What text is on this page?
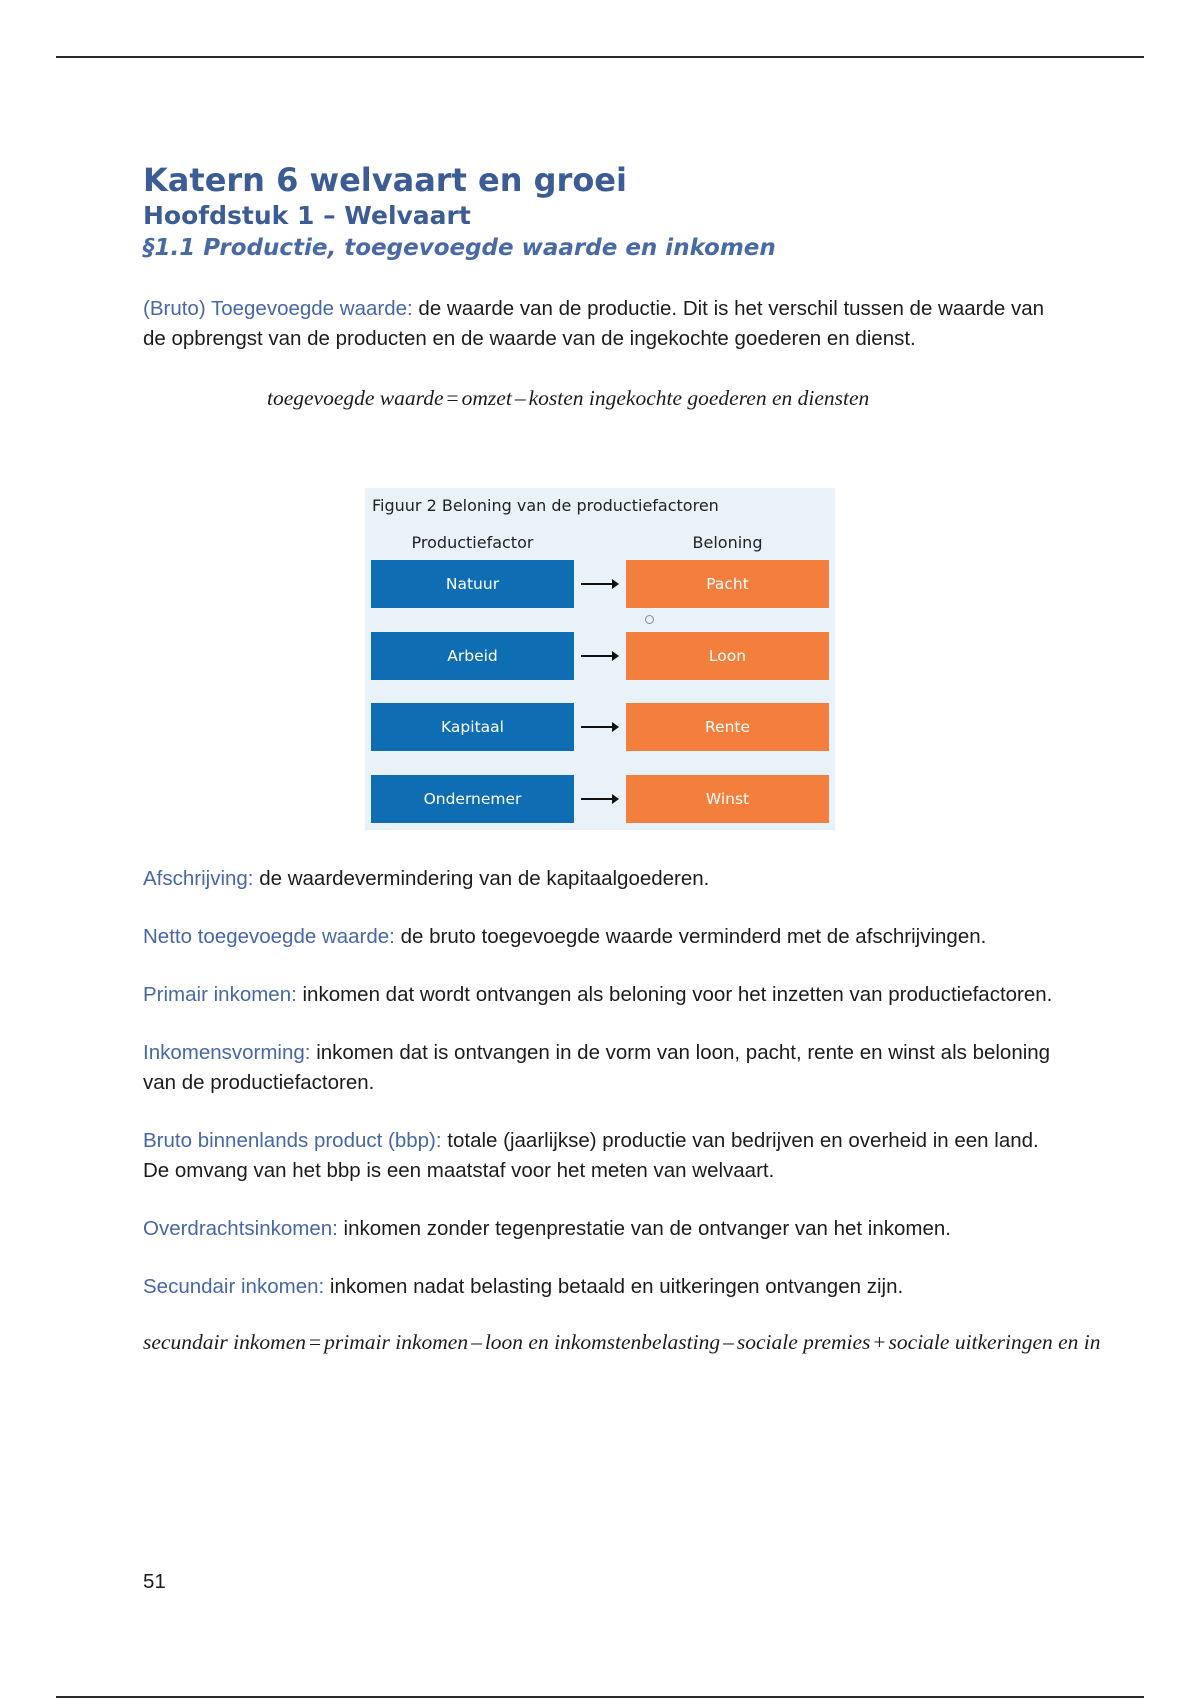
Katern 6 welvaart en groei
Hoofdstuk 1 – Welvaart
§1.1 Productie, toegevoegde waarde en inkomen

(Bruto) Toegevoegde waarde: de waarde van de productie. Dit is het verschil tussen de waarde van de opbrengst van de producten en de waarde van de ingekochte goederen en dienst.

toegevoegde waarde = omzet – kosten ingekochte goederen en diensten
Figuur 2 Beloning van de productiefactoren
Productiefactor	Beloning
Natuur	Pacht
Arbeid	Loon
Kapitaal	Rente
Ondernemer	Winst

Afschrijving: de waardevermindering van de kapitaalgoederen.

Netto toegevoegde waarde: de bruto toegevoegde waarde verminderd met de afschrijvingen.

Primair inkomen: inkomen dat wordt ontvangen als beloning voor het inzetten van productiefactoren.

Inkomensvorming: inkomen dat is ontvangen in de vorm van loon, pacht, rente en winst als beloning van de productiefactoren.

Bruto binnenlands product (bbp): totale (jaarlijkse) productie van bedrijven en overheid in een land. De omvang van het bbp is een maatstaf voor het meten van welvaart.

Overdrachtsinkomen: inkomen zonder tegenprestatie van de ontvanger van het inkomen.

Secundair inkomen: inkomen nadat belasting betaald en uitkeringen ontvangen zijn.

secundair inkomen = primair inkomen – loon en inkomstenbelasting – sociale premies + sociale uitkeringen en in
51
